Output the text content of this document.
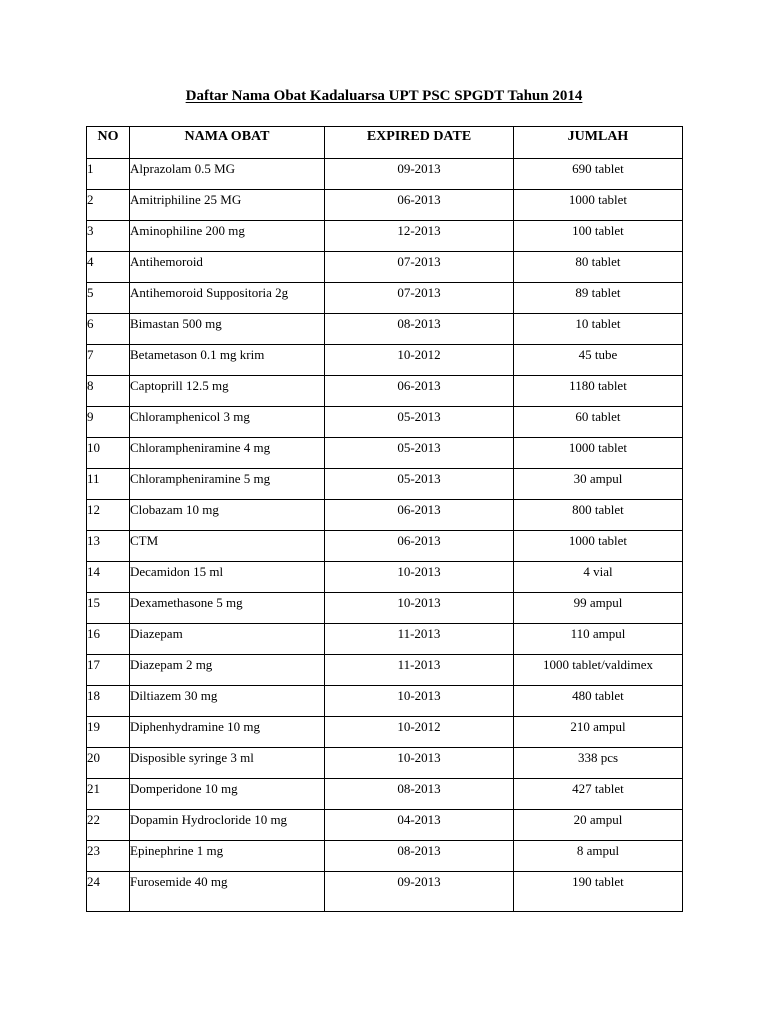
Daftar Nama Obat Kadaluarsa UPT PSC SPGDT Tahun 2014
NO	NAMA OBAT	EXPIRED DATE	JUMLAH
1	Alprazolam 0.5 MG	09-2013	690 tablet
2	Amitriphiline 25 MG	06-2013	1000 tablet
3	Aminophiline 200 mg	12-2013	100 tablet
4	Antihemoroid	07-2013	80 tablet
5	Antihemoroid Suppositoria 2g	07-2013	89 tablet
6	Bimastan 500 mg	08-2013	10 tablet
7	Betametason 0.1 mg krim	10-2012	45 tube
8	Captoprill 12.5 mg	06-2013	1180 tablet
9	Chloramphenicol 3 mg	05-2013	60 tablet
10	Chlorampheniramine 4 mg	05-2013	1000 tablet
11	Chlorampheniramine 5 mg	05-2013	30 ampul
12	Clobazam 10 mg	06-2013	800 tablet
13	CTM	06-2013	1000 tablet
14	Decamidon 15 ml	10-2013	4 vial
15	Dexamethasone 5 mg	10-2013	99 ampul
16	Diazepam	11-2013	110 ampul
17	Diazepam 2 mg	11-2013	1000 tablet/valdimex
18	Diltiazem 30 mg	10-2013	480 tablet
19	Diphenhydramine 10 mg	10-2012	210 ampul
20	Disposible syringe 3 ml	10-2013	338 pcs
21	Domperidone 10 mg	08-2013	427 tablet
22	Dopamin Hydrocloride 10 mg	04-2013	20 ampul
23	Epinephrine 1 mg	08-2013	8 ampul
24	Furosemide 40 mg	09-2013	190 tablet
